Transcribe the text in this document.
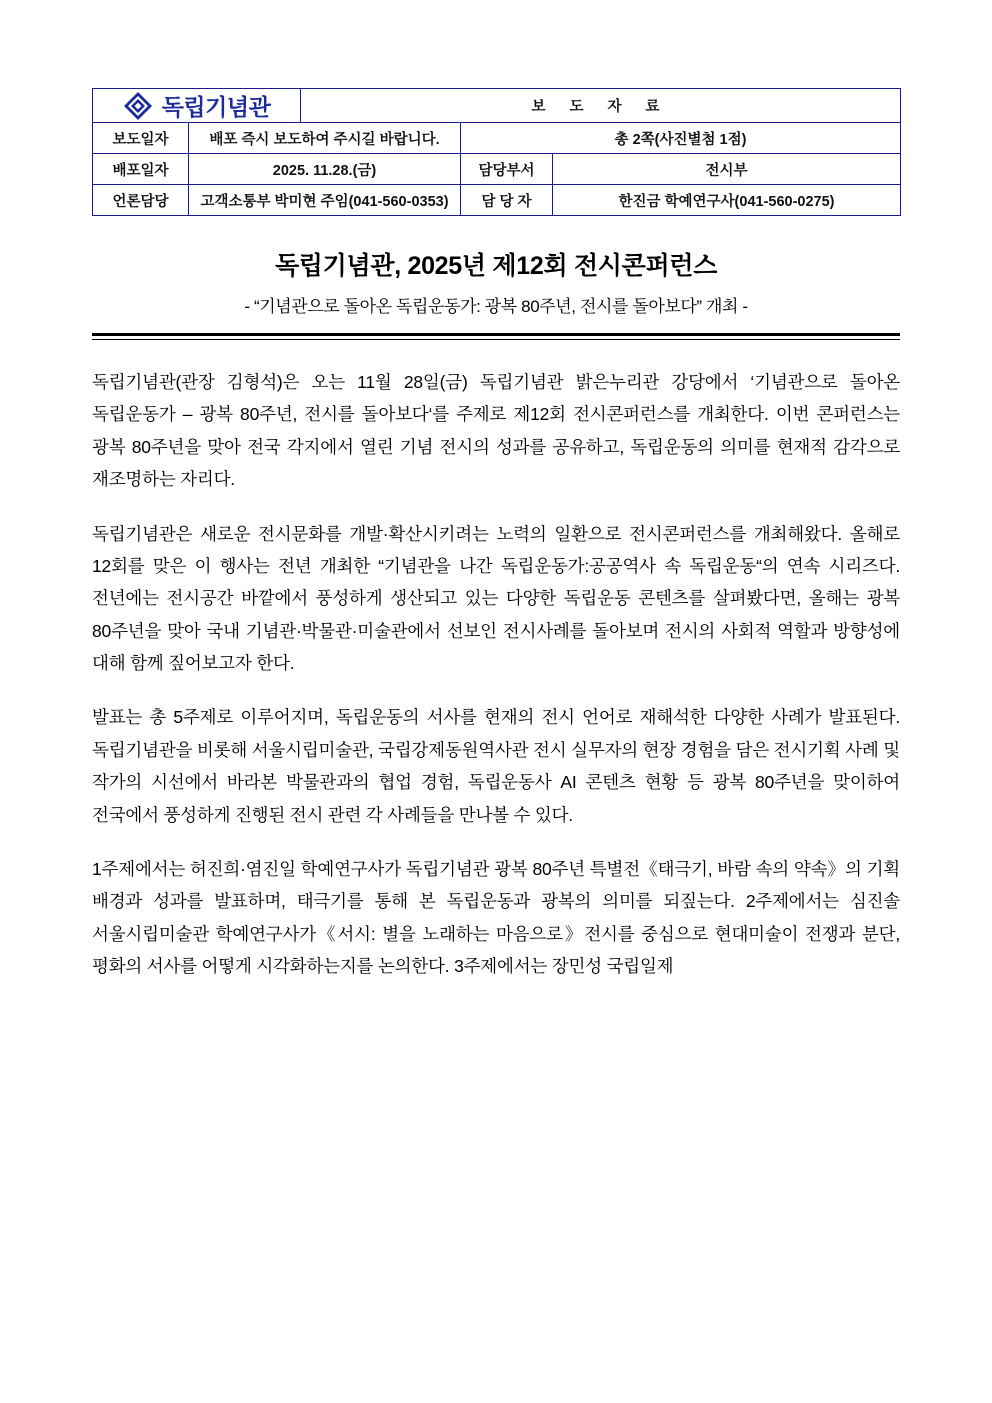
독립기념관		보 도 자 료		
보도일자	배포 즉시 보도하여 주시길 바랍니다.		총 2쪽(사진별첨 1점)	
배포일자	2025. 11.28.(금)		담당부서	전시부
언론담당	고객소통부 박미현 주임(041-560-0353)		담 당 자	한진금 학예연구사(041-560-0275)
독립기념관, 2025년 제12회 전시콘퍼런스
- “기념관으로 돌아온 독립운동가: 광복 80주년, 전시를 돌아보다” 개최 -

독립기념관(관장 김형석)은 오는 11월 28일(금) 독립기념관 밝은누리관 강당에서 ‘기념관으로 돌아온 독립운동가 – 광복 80주년, 전시를 돌아보다‘를 주제로 제12회 전시콘퍼런스를 개최한다. 이번 콘퍼런스는 광복 80주년을 맞아 전국 각지에서 열린 기념 전시의 성과를 공유하고, 독립운동의 의미를 현재적 감각으로 재조명하는 자리다.

독립기념관은 새로운 전시문화를 개발·확산시키려는 노력의 일환으로 전시콘퍼런스를 개최해왔다. 올해로 12회를 맞은 이 행사는 전년 개최한 “기념관을 나간 독립운동가:공공역사 속 독립운동“의 연속 시리즈다. 전년에는 전시공간 바깥에서 풍성하게 생산되고 있는 다양한 독립운동 콘텐츠를 살펴봤다면, 올해는 광복 80주년을 맞아 국내 기념관·박물관·미술관에서 선보인 전시사례를 돌아보며 전시의 사회적 역할과 방향성에 대해 함께 짚어보고자 한다.

발표는 총 5주제로 이루어지며, 독립운동의 서사를 현재의 전시 언어로 재해석한 다양한 사례가 발표된다. 독립기념관을 비롯해 서울시립미술관, 국립강제동원역사관 전시 실무자의 현장 경험을 담은 전시기획 사례 및 작가의 시선에서 바라본 박물관과의 협업 경험, 독립운동사 AI 콘텐츠 현황 등 광복 80주년을 맞이하여 전국에서 풍성하게 진행된 전시 관련 각 사례들을 만나볼 수 있다.

1주제에서는 허진희·염진일 학예연구사가 독립기념관 광복 80주년 특별전《태극기, 바람 속의 약속》의 기획 배경과 성과를 발표하며, 태극기를 통해 본 독립운동과 광복의 의미를 되짚는다. 2주제에서는 심진솔 서울시립미술관 학예연구사가《서시: 별을 노래하는 마음으로》전시를 중심으로 현대미술이 전쟁과 분단, 평화의 서사를 어떻게 시각화하는지를 논의한다. 3주제에서는 장민성 국립일제
